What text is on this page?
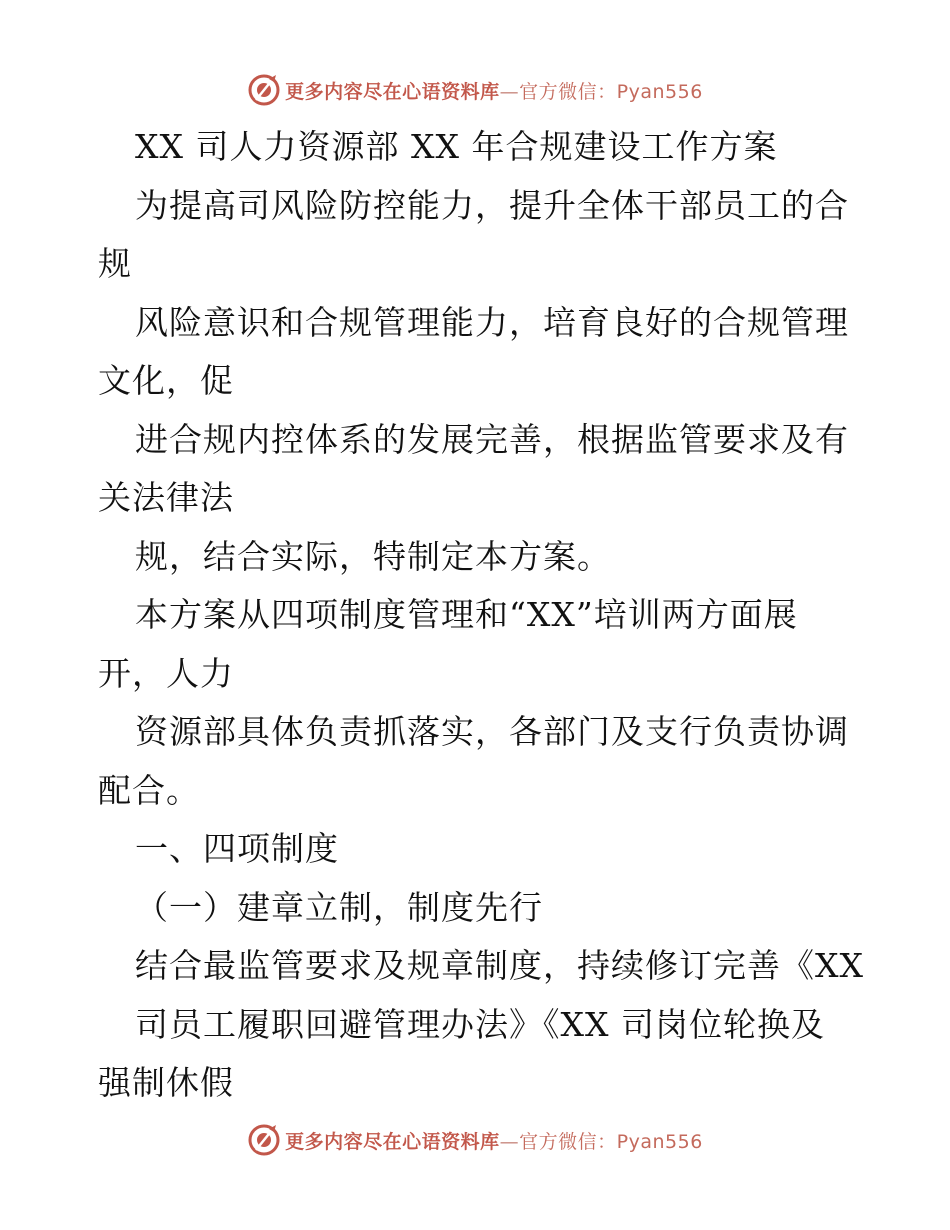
更多内容尽在心语资料库—官方微信：Pyan556
XX 司人力资源部 XX 年合规建设工作方案
为提高司风险防控能力，提升全体干部员工的合
规
风险意识和合规管理能力，培育良好的合规管理
文化，促
进合规内控体系的发展完善，根据监管要求及有
关法律法
规，结合实际，特制定本方案。
本方案从四项制度管理和“XX”培训两方面展
开，人力
资源部具体负责抓落实，各部门及支行负责协调
配合。
一、四项制度
（一）建章立制，制度先行
结合最监管要求及规章制度，持续修订完善《XX
司员工履职回避管理办法》《XX 司岗位轮换及
强制休假
更多内容尽在心语资料库—官方微信：Pyan556
